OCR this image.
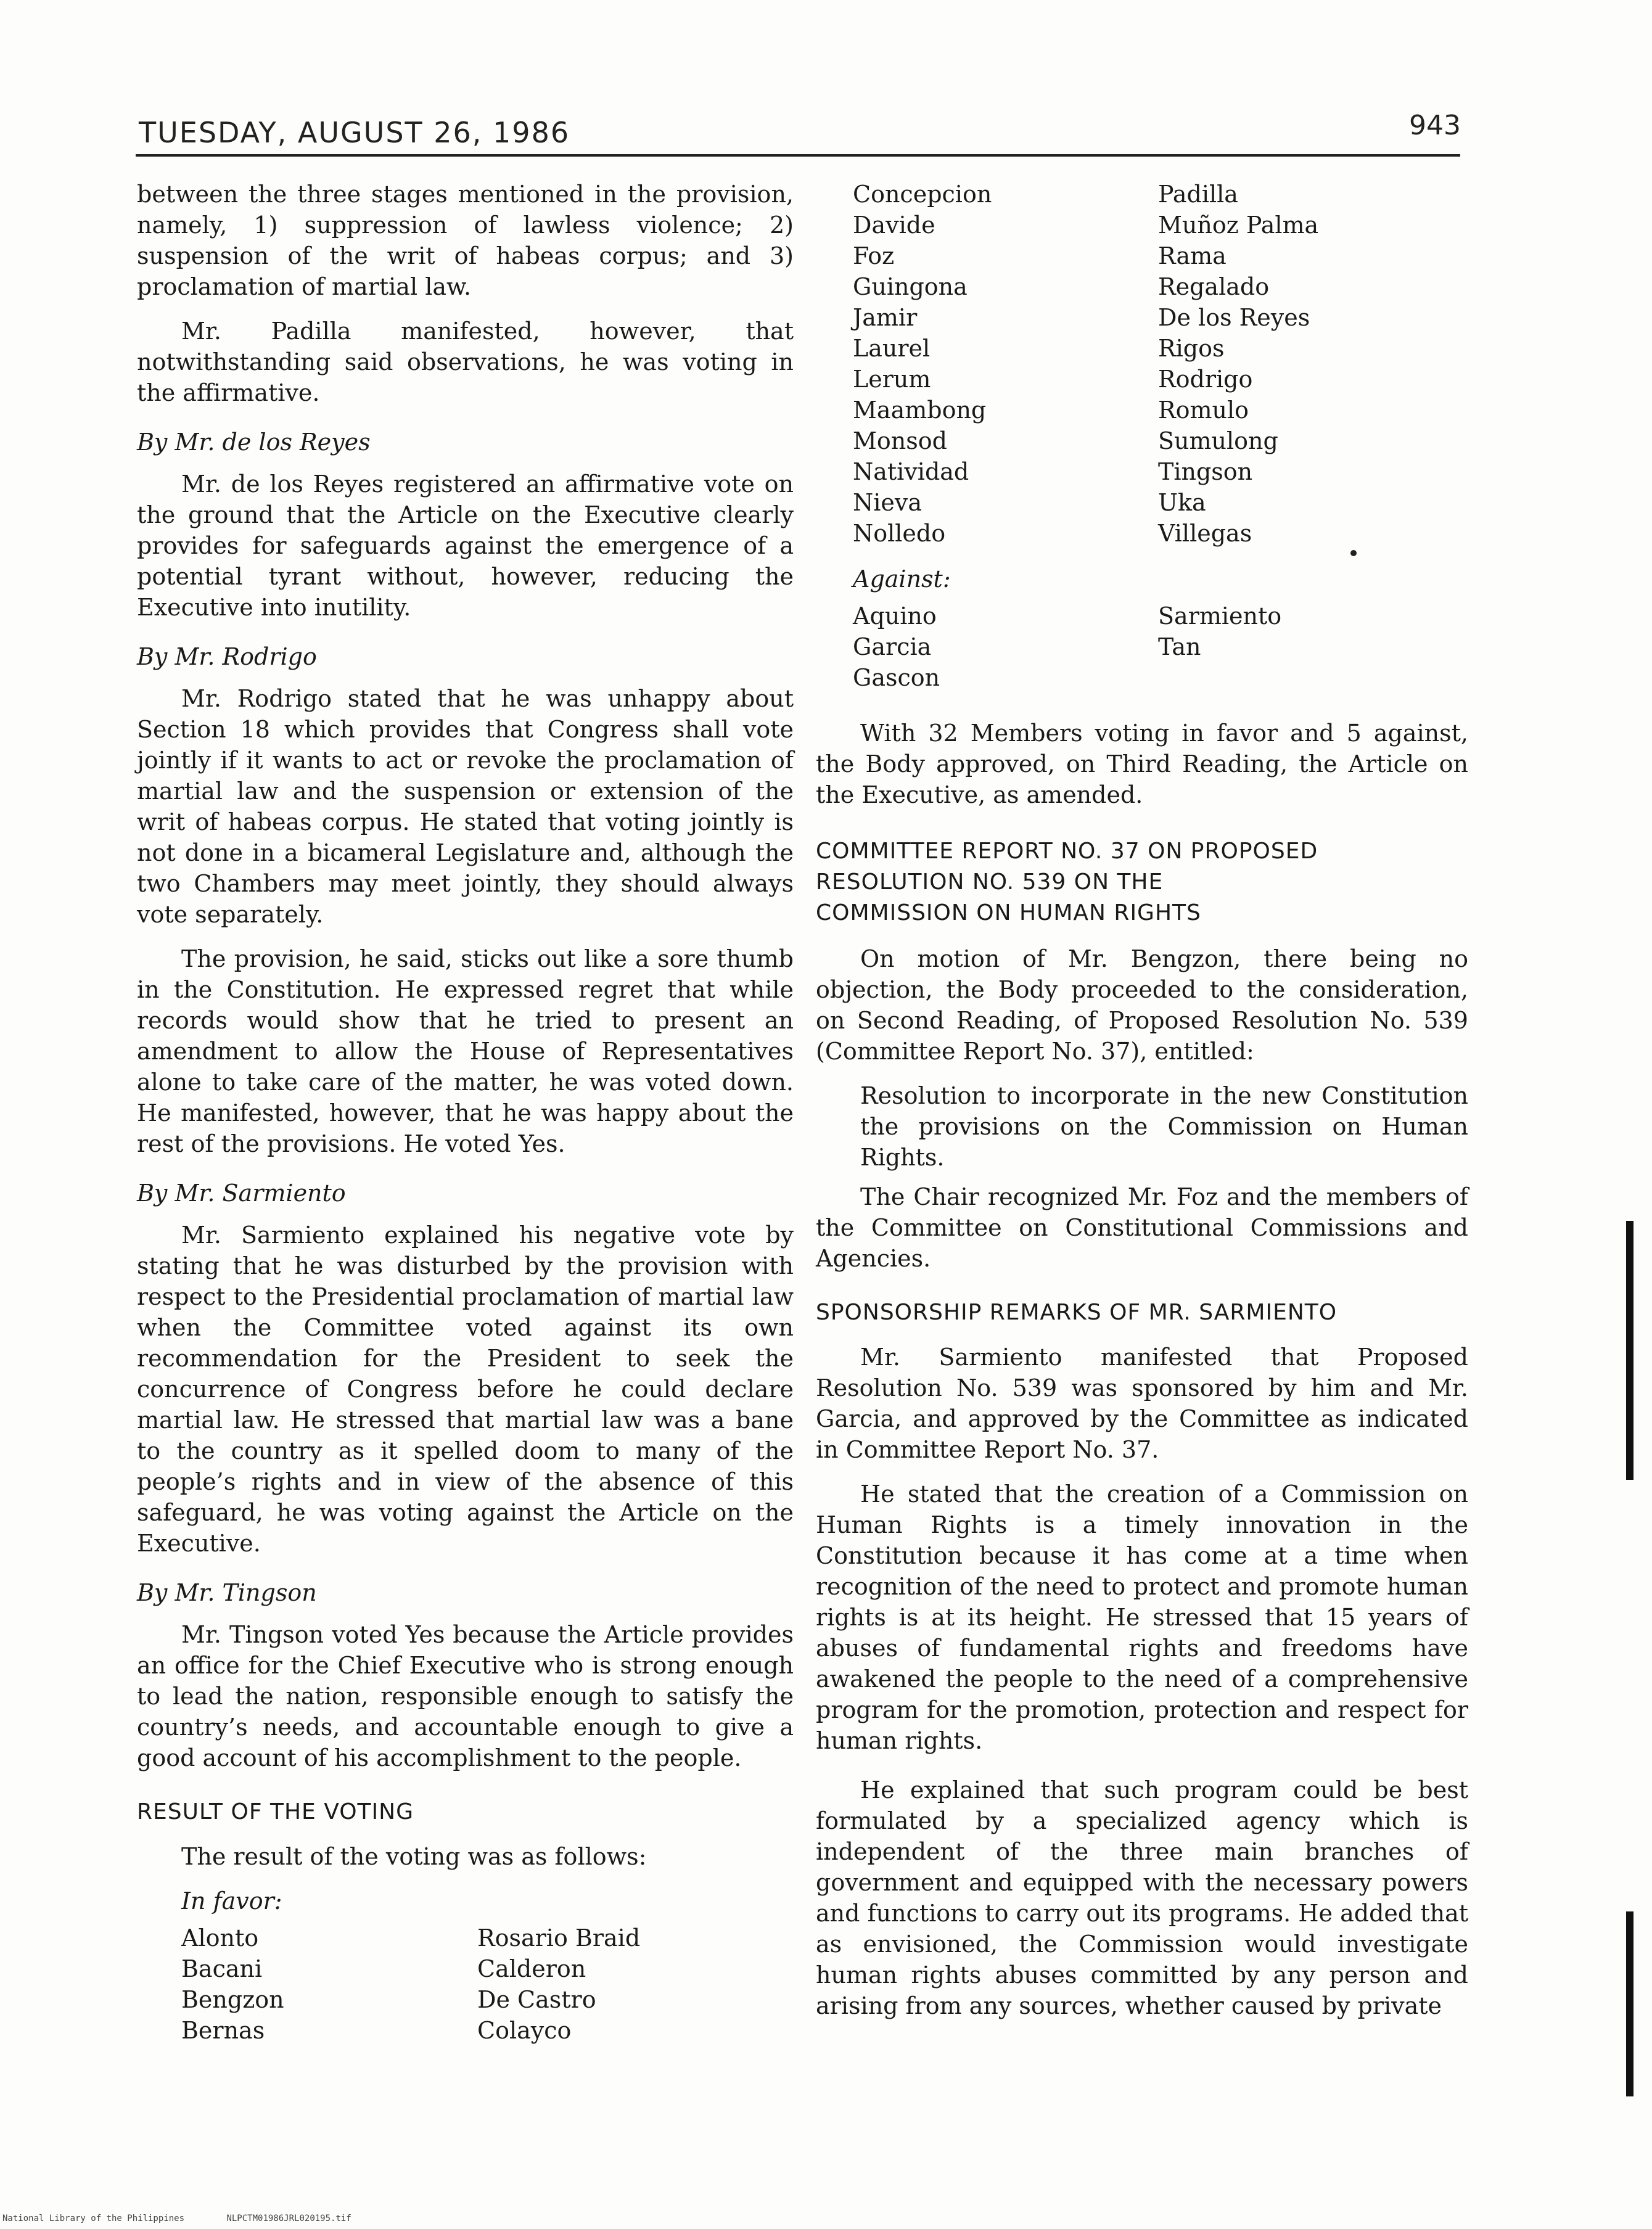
TUESDAY, AUGUST 26, 1986	943

between the three stages mentioned in the provision, namely, 1) suppression of lawless violence; 2) suspension of the writ of habeas corpus; and 3) proclamation of martial law.

Mr. Padilla manifested, however, that notwithstanding said observations, he was voting in the affirmative.

By Mr. de los Reyes

Mr. de los Reyes registered an affirmative vote on the ground that the Article on the Executive clearly provides for safeguards against the emergence of a potential tyrant without, however, reducing the Executive into inutility.

By Mr. Rodrigo

Mr. Rodrigo stated that he was unhappy about Section 18 which provides that Congress shall vote jointly if it wants to act or revoke the proclamation of martial law and the suspension or extension of the writ of habeas corpus. He stated that voting jointly is not done in a bicameral Legislature and, although the two Chambers may meet jointly, they should always vote separately.

The provision, he said, sticks out like a sore thumb in the Constitution. He expressed regret that while records would show that he tried to present an amendment to allow the House of Representatives alone to take care of the matter, he was voted down. He manifested, however, that he was happy about the rest of the provisions. He voted Yes.

By Mr. Sarmiento

Mr. Sarmiento explained his negative vote by stating that he was disturbed by the provision with respect to the Presidential proclamation of martial law when the Committee voted against its own recommendation for the President to seek the concurrence of Congress before he could declare martial law. He stressed that martial law was a bane to the country as it spelled doom to many of the people’s rights and in view of the absence of this safeguard, he was voting against the Article on the Executive.

By Mr. Tingson

Mr. Tingson voted Yes because the Article provides an office for the Chief Executive who is strong enough to lead the nation, responsible enough to satisfy the country’s needs, and accountable enough to give a good account of his accomplishment to the people.

RESULT OF THE VOTING

The result of the voting was as follows:

In favor:
Alonto
Bacani
Bengzon
Bernas
Rosario Braid
Calderon
De Castro
Colayco
Concepcion
Davide
Foz
Guingona
Jamir
Laurel
Lerum
Maambong
Monsod
Natividad
Nieva
Nolledo
Padilla
Muñoz Palma
Rama
Regalado
De los Reyes
Rigos
Rodrigo
Romulo
Sumulong
Tingson
Uka
Villegas
Against:
Aquino
Garcia
Gascon
Sarmiento
Tan

With 32 Members voting in favor and 5 against, the Body approved, on Third Reading, the Article on the Executive, as amended.

COMMITTEE REPORT NO. 37 ON PROPOSED
RESOLUTION NO. 539 ON THE
COMMISSION ON HUMAN RIGHTS

On motion of Mr. Bengzon, there being no objection, the Body proceeded to the consideration, on Second Reading, of Proposed Resolution No. 539 (Committee Report No. 37), entitled:

Resolution to incorporate in the new Constitution the provisions on the Commission on Human Rights.

The Chair recognized Mr. Foz and the members of the Committee on Constitutional Commissions and Agencies.

SPONSORSHIP REMARKS OF MR. SARMIENTO

Mr. Sarmiento manifested that Proposed Resolution No. 539 was sponsored by him and Mr. Garcia, and approved by the Committee as indicated in Committee Report No. 37.

He stated that the creation of a Commission on Human Rights is a timely innovation in the Constitution because it has come at a time when recognition of the need to protect and promote human rights is at its height. He stressed that 15 years of abuses of fundamental rights and freedoms have awakened the people to the need of a comprehensive program for the promotion, protection and respect for human rights.

He explained that such program could be best formulated by a specialized agency which is independent of the three main branches of government and equipped with the necessary powers and functions to carry out its programs. He added that as envisioned, the Commission would investigate human rights abuses committed by any person and arising from any sources, whether caused by private

National Library of the Philippines	NLPCTM01986JRL020195.tif
